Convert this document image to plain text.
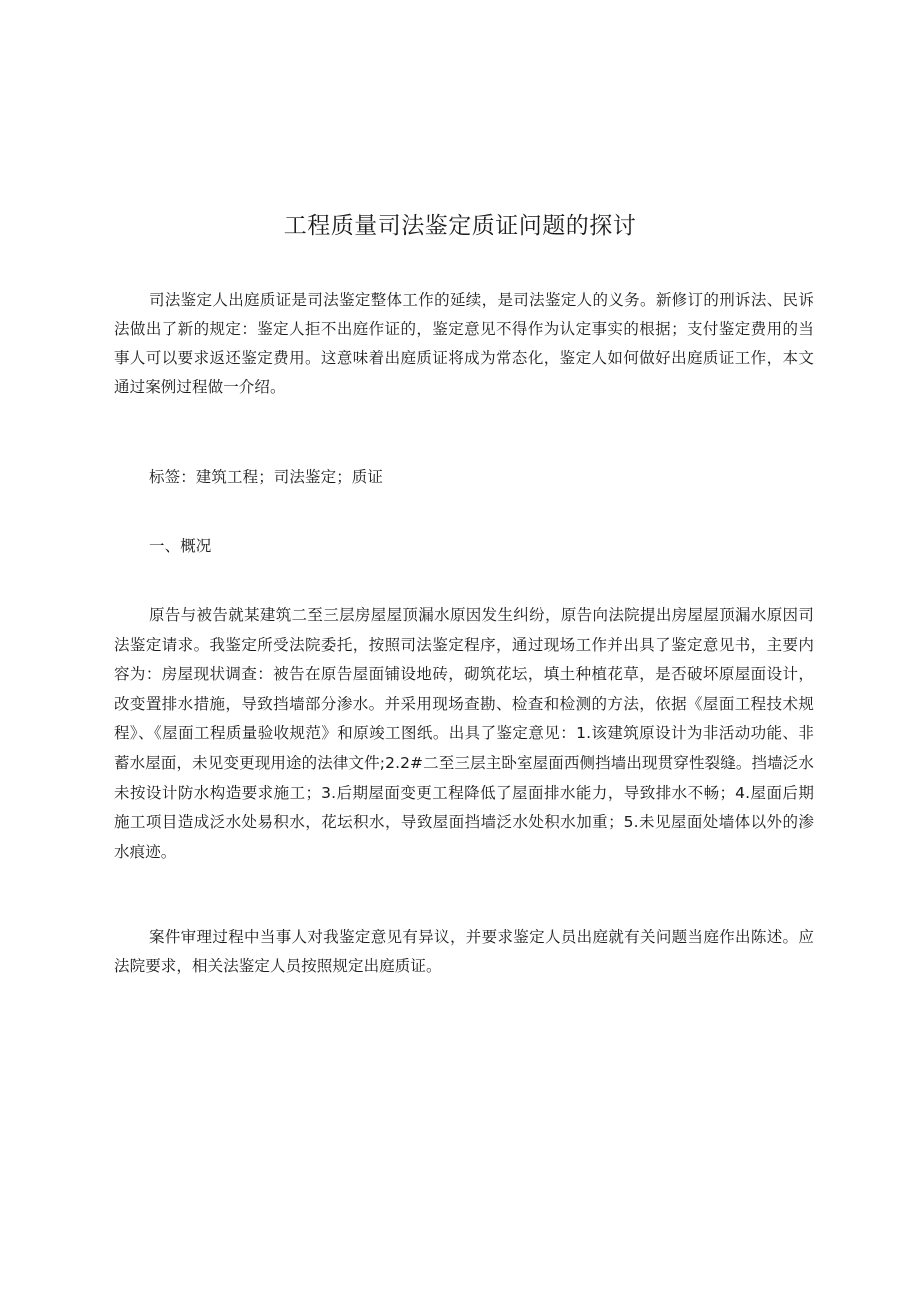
工程质量司法鉴定质证问题的探讨

司法鉴定人出庭质证是司法鉴定整体工作的延续，是司法鉴定人的义务。新修订的刑诉法、民诉法做出了新的规定：鉴定人拒不出庭作证的，鉴定意见不得作为认定事实的根据；支付鉴定费用的当事人可以要求返还鉴定费用。这意味着出庭质证将成为常态化，鉴定人如何做好出庭质证工作，本文通过案例过程做一介绍。

标签：建筑工程；司法鉴定；质证

一、概况

原告与被告就某建筑二至三层房屋屋顶漏水原因发生纠纷，原告向法院提出房屋屋顶漏水原因司法鉴定请求。我鉴定所受法院委托，按照司法鉴定程序，通过现场工作并出具了鉴定意见书，主要内容为：房屋现状调查：被告在原告屋面铺设地砖，砌筑花坛，填土种植花草，是否破坏原屋面设计，改变置排水措施，导致挡墙部分渗水。并采用现场查勘、检查和检测的方法，依据《屋面工程技术规程》、《屋面工程质量验收规范》和原竣工图纸。出具了鉴定意见：1.该建筑原设计为非活动功能、非蓄水屋面，未见变更现用途的法律文件;2.2#二至三层主卧室屋面西侧挡墙出现贯穿性裂缝。挡墙泛水未按设计防水构造要求施工；3.后期屋面变更工程降低了屋面排水能力，导致排水不畅；4.屋面后期施工项目造成泛水处易积水，花坛积水，导致屋面挡墙泛水处积水加重；5.未见屋面处墙体以外的渗水痕迹。

案件审理过程中当事人对我鉴定意见有异议，并要求鉴定人员出庭就有关问题当庭作出陈述。应法院要求，相关法鉴定人员按照规定出庭质证。
